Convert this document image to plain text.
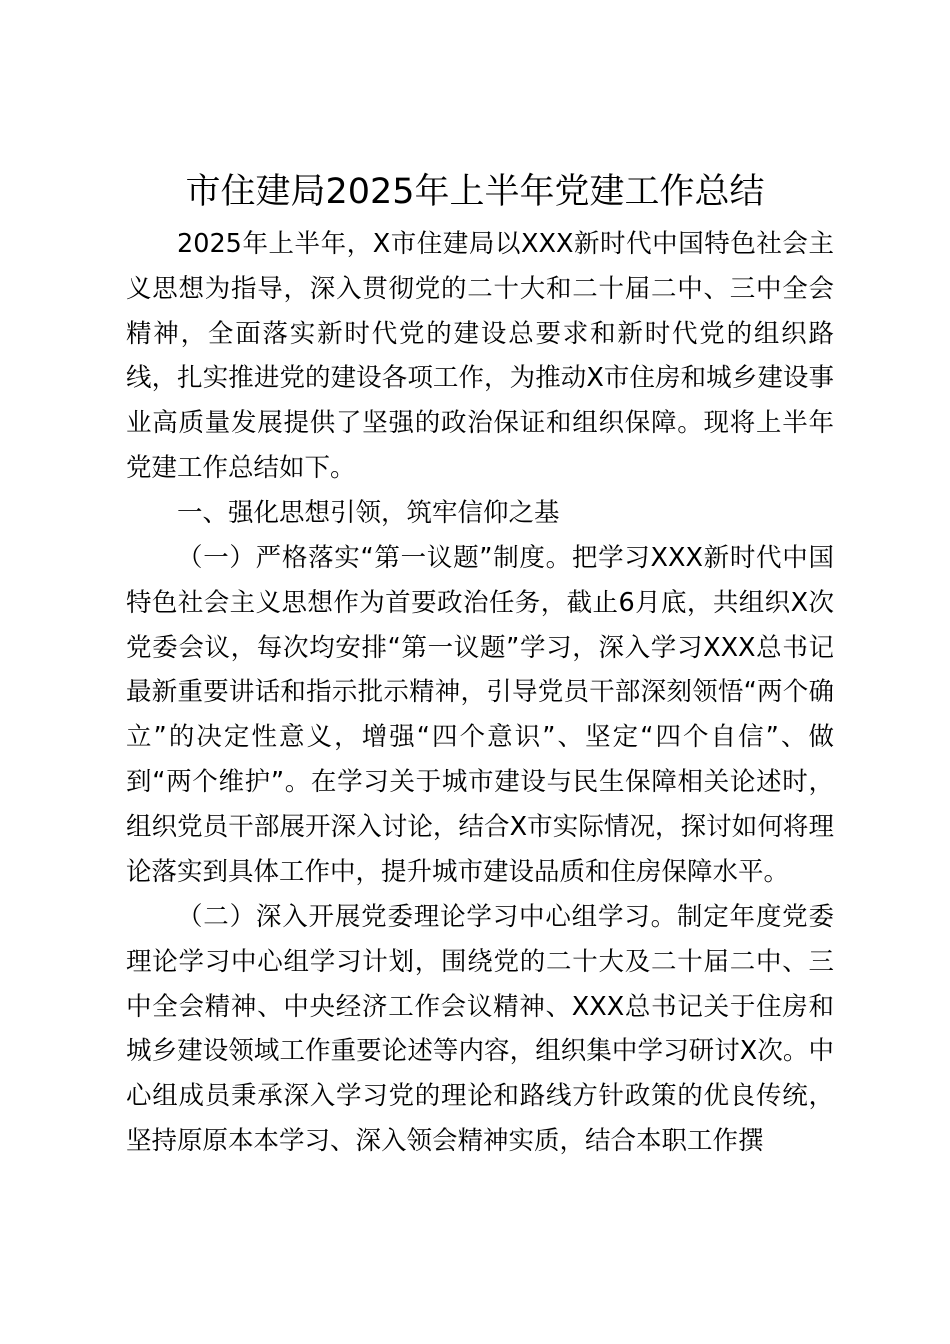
市住建局2025年上半年党建工作总结

2025年上半年，X市住建局以XXX新时代中国特色社会主义思想为指导，深入贯彻党的二十大和二十届二中、三中全会精神，全面落实新时代党的建设总要求和新时代党的组织路线，扎实推进党的建设各项工作，为推动X市住房和城乡建设事业高质量发展提供了坚强的政治保证和组织保障。现将上半年党建工作总结如下。

一、强化思想引领，筑牢信仰之基

（一）严格落实“第一议题”制度。把学习XXX新时代中国特色社会主义思想作为首要政治任务，截止6月底，共组织X次党委会议，每次均安排“第一议题”学习，深入学习XXX总书记最新重要讲话和指示批示精神，引导党员干部深刻领悟“两个确立”的决定性意义，增强“四个意识”、坚定“四个自信”、做到“两个维护”。在学习关于城市建设与民生保障相关论述时，组织党员干部展开深入讨论，结合X市实际情况，探讨如何将理论落实到具体工作中，提升城市建设品质和住房保障水平。

（二）深入开展党委理论学习中心组学习。制定年度党委理论学习中心组学习计划，围绕党的二十大及二十届二中、三中全会精神、中央经济工作会议精神、XXX总书记关于住房和城乡建设领域工作重要论述等内容，组织集中学习研讨X次。中心组成员秉承深入学习党的理论和路线方针政策的优良传统，坚持原原本本学习、深入领会精神实质，结合本职工作撰
